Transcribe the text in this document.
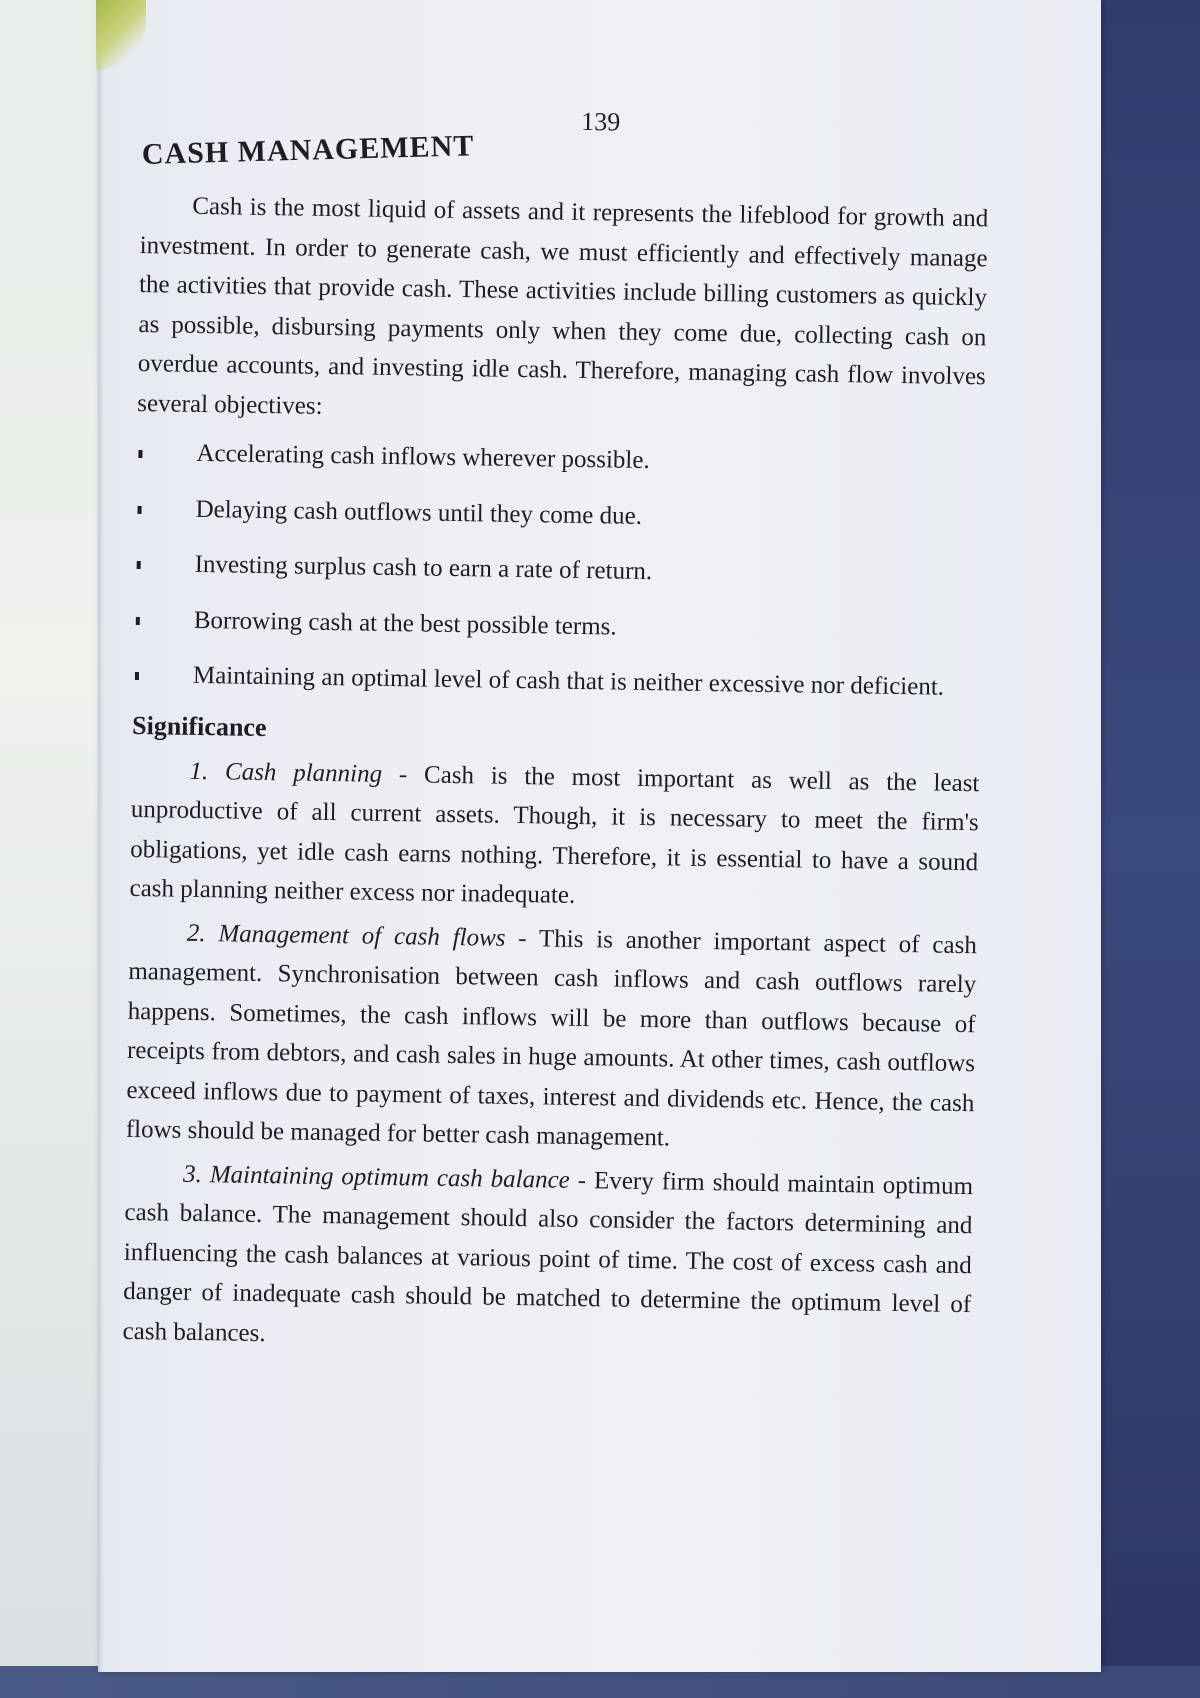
139
CASH MANAGEMENT

Cash is the most liquid of assets and it represents the lifeblood for growth and investment. In order to generate cash, we must efficiently and effectively manage the activities that provide cash. These activities include billing customers as quickly as possible, disbursing payments only when they come due, collecting cash on overdue accounts, and investing idle cash. Therefore, managing cash flow involves several objectives:

Accelerating cash inflows wherever possible.
Delaying cash outflows until they come due.
Investing surplus cash to earn a rate of return.
Borrowing cash at the best possible terms.
Maintaining an optimal level of cash that is neither excessive nor deficient.
Significance

1. Cash planning - Cash is the most important as well as the least unproductive of all current assets. Though, it is necessary to meet the firm's obligations, yet idle cash earns nothing. Therefore, it is essential to have a sound cash planning neither excess nor inadequate.

2. Management of cash flows - This is another important aspect of cash management. Synchronisation between cash inflows and cash outflows rarely happens. Sometimes, the cash inflows will be more than outflows because of receipts from debtors, and cash sales in huge amounts. At other times, cash outflows exceed inflows due to payment of taxes, interest and dividends etc. Hence, the cash flows should be managed for better cash management.

3. Maintaining optimum cash balance - Every firm should maintain optimum cash balance. The management should also consider the factors determining and influencing the cash balances at various point of time. The cost of excess cash and danger of inadequate cash should be matched to determine the optimum level of cash balances.
